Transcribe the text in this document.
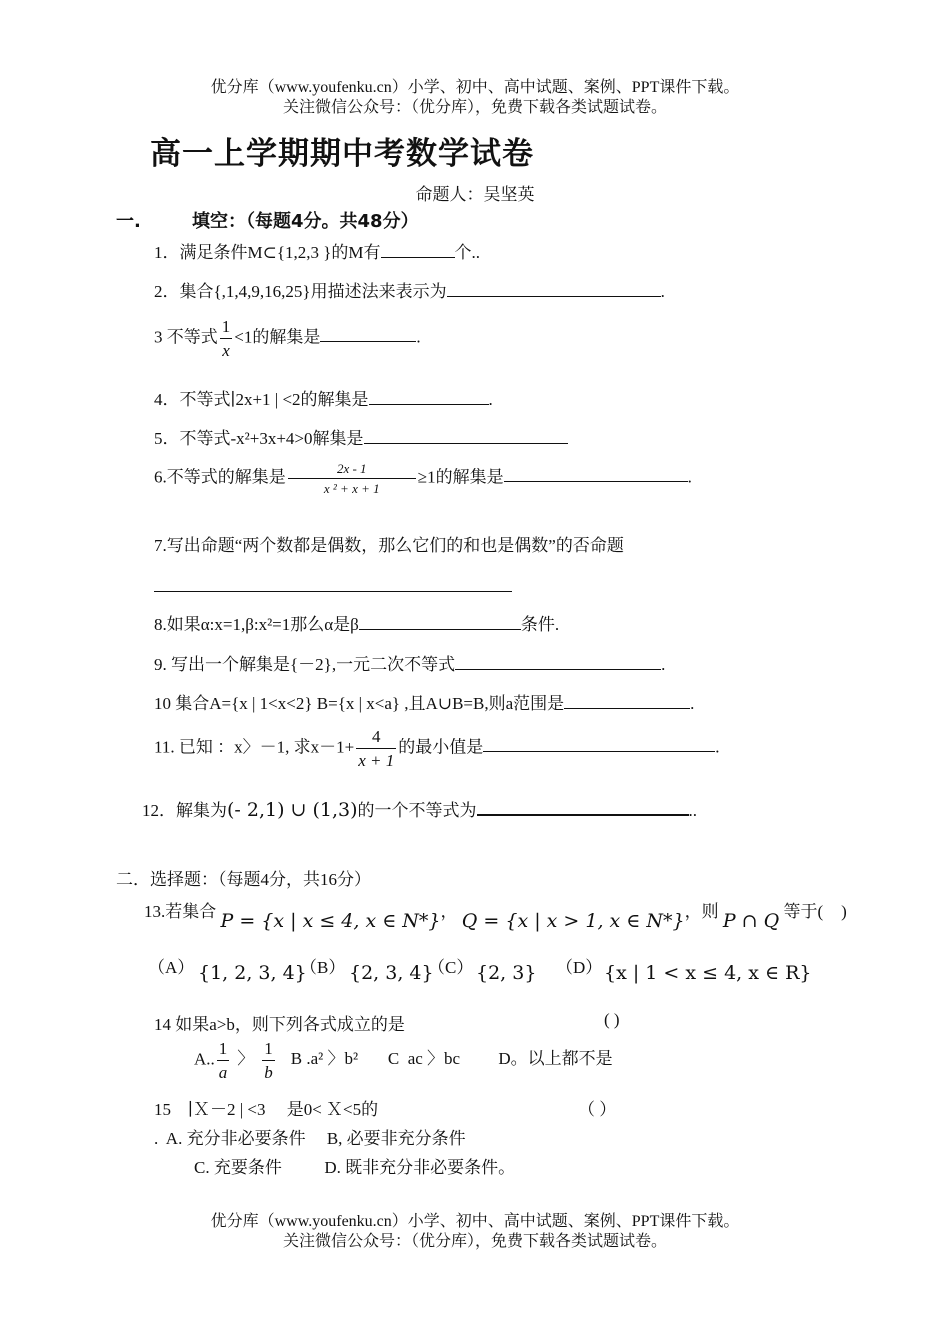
优分库（www.youfenku.cn）小学、初中、高中试题、案例、PPT课件下载。
关注微信公众号：（优分库），免费下载各类试题试卷。
高一上学期期中考数学试卷
命题人：吴坚英
一.	填空：（每题4分。共48分）
1．满足条件M⊂{1,2,3 }的M有	个..
2．集合{,1,4,9,16,25}用描述法来表示为	.
3 不等式 $\frac{1}{x} <1$的解集是	.
4．不等式∣2x+1 | <2的解集是	.
5．不等式-x²+3x+4>0解集是
6.不等式的解集是 $\frac{2x - 1}{\text{x ² + x + 1}} \ge 1$的解集是	.
7.写出命题“两个数都是偶数，那么它们的和也是偶数”的否命题
8.如果α:x=1,β:x²=1那么α是β	条件.
9. 写出一个解集是{－2},一元二次不等式	.
10 集合A={x | 1<x<2} B={x | x<a} ,且A∪B=B,则a范围是	.
11. 已知 ：x〉－1, 求$x-1+ \frac{4}{x + 1}$ 的最小值是	.
12．解集为(- 2,1) ∪ (1,3)的一个不等式为	..
二．选择题：（每题4分，共16分）
13.若集合 P = {x | x ≤ 4, x ∈ N*}， Q = {x | x > 1, x ∈ N*}，则 P ∩ Q 等于( )
（A） {1, 2, 3, 4}
（B） {2, 3, 4}
（C） {2, 3} （D） {x | 1 < x ≤ 4, x ∈ R}
14 如果a>b，则下列各式成立的是	( )
A.. $\frac{1}{a}$ 〉 $\frac{1}{b}$ B .a² 〉b²       C  ac 〉bc         D。以上都不是
15    ∣Ｘ－2 | <3     是0< Ｘ<5的	（ ）
.  A. 充分非必要条件     B, 必要非充分条件
C. 充要条件          D. 既非充分非必要条件。
优分库（www.youfenku.cn）小学、初中、高中试题、案例、PPT课件下载。
关注微信公众号：（优分库），免费下载各类试题试卷。
